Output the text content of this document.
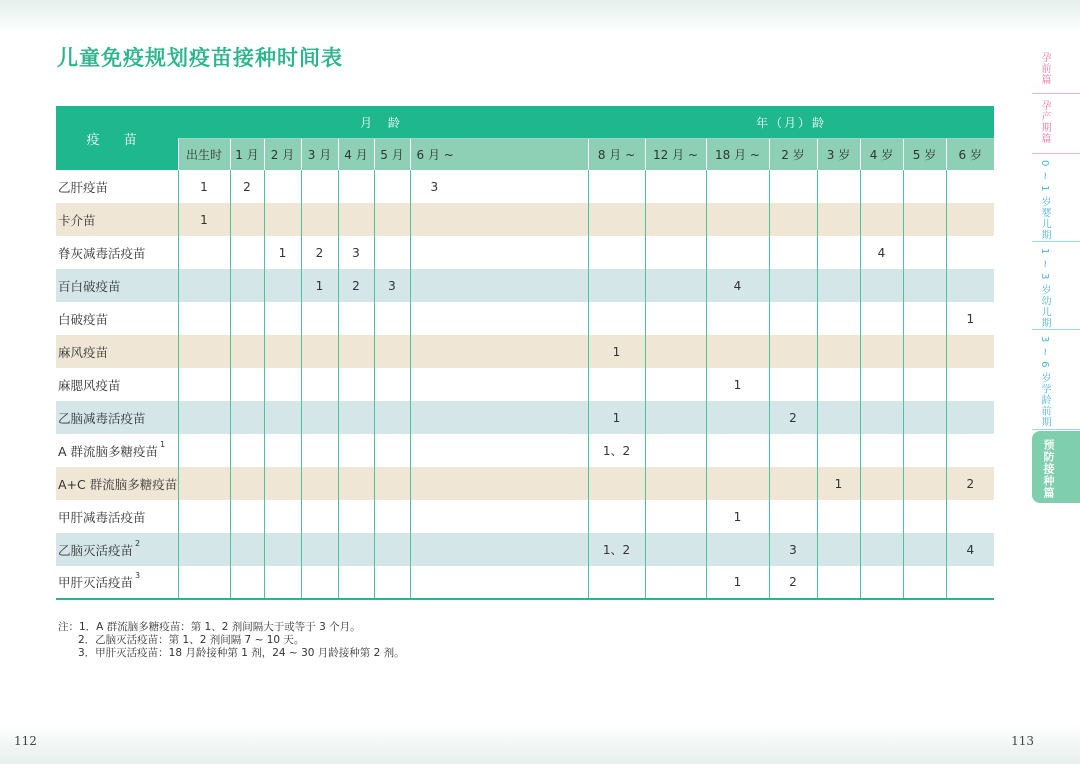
儿童免疫规划疫苗接种时间表
疫 苗	月 龄							年（月）龄							
	出生时	1 月	2 月	3 月	4 月	5 月	6 月 ~	8 月 ~	12 月 ~	18 月 ~	2 岁	3 岁	4 岁	5 岁	6 岁
乙肝疫苗	1	2					3								
卡介苗	1														
脊灰减毒活疫苗			1	2	3								4		
百白破疫苗				1	2	3				4					
白破疫苗															1
麻风疫苗								1							
麻腮风疫苗										1					
乙脑减毒活疫苗								1			2				
A 群流脑多糖疫苗 $^1$								1、2							
A+C 群流脑多糖疫苗												1			2
甲肝减毒活疫苗										1					
乙脑灭活疫苗 $^2$								1、2			3				4
甲肝灭活疫苗 $^3$										1	2				
注：1．A 群流脑多糖疫苗：第 1、2 剂间隔大于或等于 3 个月。
2．乙脑灭活疫苗：第 1、2 剂间隔 7 ~ 10 天。
3．甲肝灭活疫苗：18 月龄接种第 1 剂，24 ~ 30 月龄接种第 2 剂。
112	113
孕前篇
孕产期篇
0 ~ 1 岁婴儿期
1 ~ 3 岁幼儿期
3 ~ 6 岁学龄前期
预防接种篇
